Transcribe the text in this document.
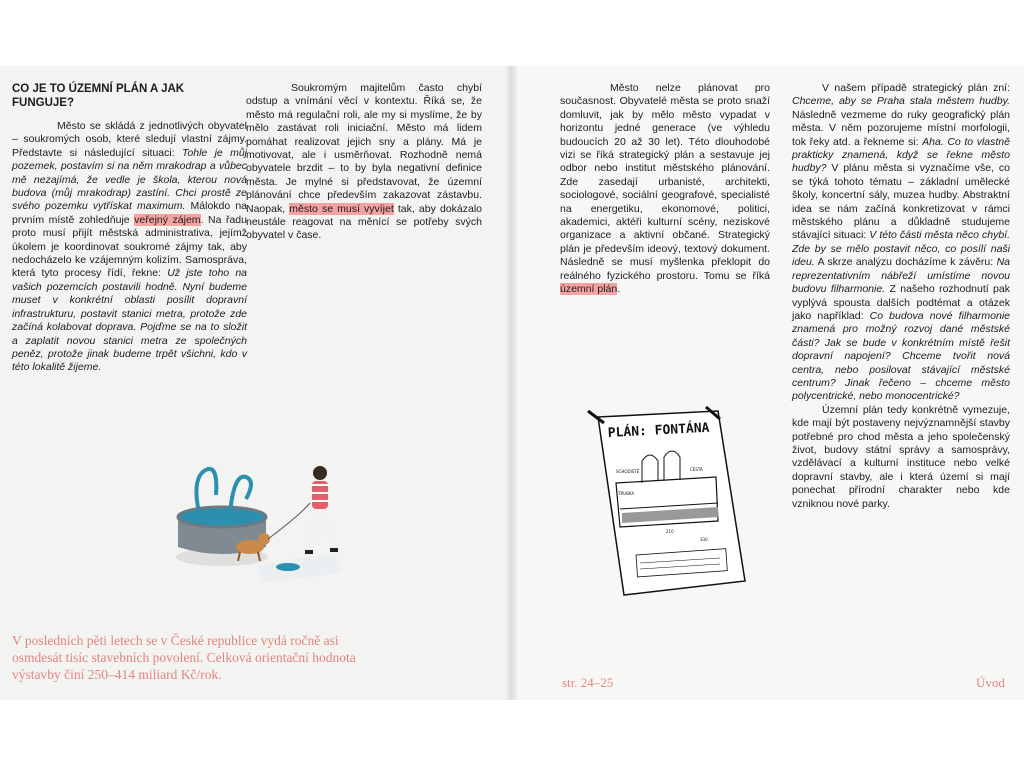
CO JE TO ÚZEMNÍ PLÁN A JAK FUNGUJE?

Město se skládá z jednotlivých obyvatel – soukromých osob, které sledují vlastní zájmy. Představte si následující situaci: Tohle je můj pozemek, postavím si na něm mrakodrap a vůbec mě nezajímá, že vedle je škola, kterou nová budova (můj mrakodrap) zastíní. Chci prostě ze svého pozemku vytřískat maximum. Málokdo na prvním místě zohledňuje veřejný zájem. Na řadu proto musí přijít městská administrativa, jejímž úkolem je koordinovat soukromé zájmy tak, aby nedocházelo ke vzájemným kolizím. Samospráva, která tyto procesy řídí, řekne: Už jste toho na vašich pozemcích postavili hodně. Nyní budeme muset v konkrétní oblasti posílit dopravní infrastrukturu, postavit stanici metra, protože zde začíná kolabovat doprava. Pojďme se na to složit a zaplatit novou stanici metra ze společných peněz, protože jinak budeme trpět všichni, kdo v této lokalitě žijeme.

Soukromým majitelům často chybí odstup a vnímání věcí v kontextu. Říká se, že město má regulační roli, ale my si myslíme, že by mělo zastávat roli iniciační. Město má lidem pomáhat realizovat jejich sny a plány. Má je motivovat, ale i usměrňovat. Rozhodně nemá obyvatele brzdit – to by byla negativní definice města. Je mylné si představovat, že územní plánování chce především zakazovat zástavbu. Naopak, město se musí vyvíjet tak, aby dokázalo neustále reagovat na měnící se potřeby svých obyvatel v čase.

V posledních pěti letech se v České republice vydá ročně asi osmdesát tisíc stavebních povolení. Celková orientační hodnota výstavby činí 250–414 miliard Kč/rok.

Město nelze plánovat pro současnost. Obyvatelé města se proto snaží domluvit, jak by mělo město vypadat v horizontu jedné generace (ve výhledu budoucích 20 až 30 let). Této dlouhodobé vizi se říká strategický plán a sestavuje jej odbor nebo institut městského plánování. Zde zasedají urbanisté, architekti, sociologové, sociální geografové, specialisté na energetiku, ekonomové, politici, akademici, aktéři kulturní scény, neziskové organizace a aktivní občané. Strategický plán je především ideový, textový dokument. Následně se musí myšlenka překlopit do reálného fyzického prostoru. Tomu se říká územní plán.

V našem případě strategický plán zní: Chceme, aby se Praha stala městem hudby. Následně vezmeme do ruky geografický plán města. V něm pozorujeme místní morfologii, tok řeky atd. a řekneme si: Aha. Co to vlastně prakticky znamená, když se řekne město hudby? V plánu města si vyznačíme vše, co se týká tohoto tématu – základní umělecké školy, koncertní sály, muzea hudby. Abstraktní idea se nám začíná konkretizovat v rámci městského plánu a důkladně studujeme stávající situaci: V této části města něco chybí. Zde by se mělo postavit něco, co posílí naši ideu. A skrze analýzu docházíme k závěru: Na reprezentativním nábřeží umístíme novou budovu filharmonie. Z našeho rozhodnutí pak vyplývá spousta dalších podtémat a otázek jako například: Co budova nové filharmonie znamená pro možný rozvoj dané městské části? Jak se bude v konkrétním místě řešit dopravní napojení? Chceme tvořit nová centra, nebo posilovat stávající městské centrum? Jinak řečeno – chceme město polycentrické, nebo monocentrické?

Územní plán tedy konkrétně vymezuje, kde mají být postaveny nejvýznamnější stavby potřebné pro chod města a jeho společenský život, budovy státní správy a samosprávy, vzdělávací a kulturní instituce nebo velké dopravní stavby, ale i která území si mají ponechat přírodní charakter nebo kde vzniknou nové parky.

PLÁN: FONTÁNA
SCHODIŠTĚ	CESTA
TRUBKA
210
330
str. 24–25	Úvod
